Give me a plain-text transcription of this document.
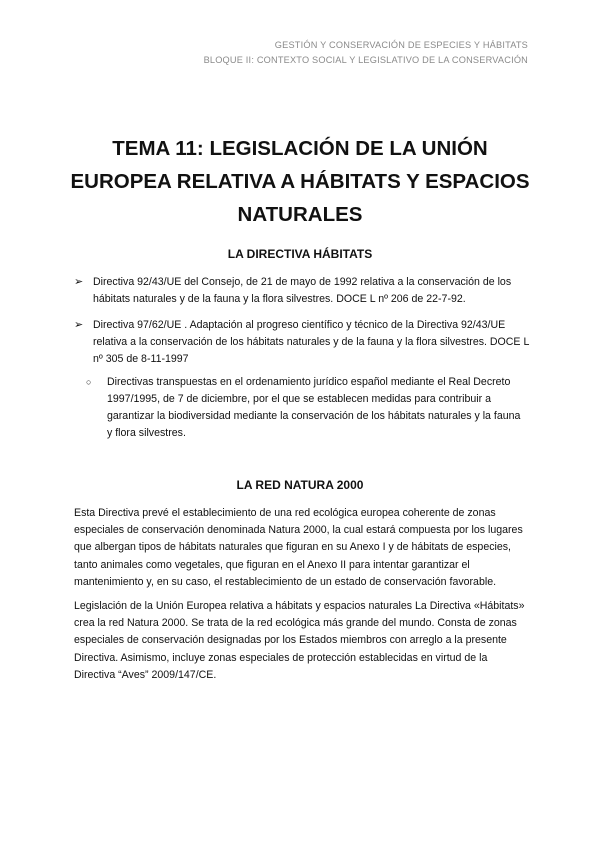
GESTIÓN Y CONSERVACIÓN DE ESPECIES Y HÁBITATS
BLOQUE II: CONTEXTO SOCIAL Y LEGISLATIVO DE LA CONSERVACIÓN
TEMA 11: LEGISLACIÓN DE LA UNIÓN
EUROPEA RELATIVA A HÁBITATS Y ESPACIOS
NATURALES
LA DIRECTIVA HÁBITATS
➢ Directiva 92/43/UE del Consejo, de 21 de mayo de 1992 relativa a la conservación de los
hábitats naturales y de la fauna y la flora silvestres. DOCE L nº 206 de 22-7-92.
➢ Directiva 97/62/UE . Adaptación al progreso científico y técnico de la Directiva 92/43/UE
relativa a la conservación de los hábitats naturales y de la fauna y la flora silvestres. DOCE L
nº 305 de 8-11-1997
○ Directivas transpuestas en el ordenamiento jurídico español mediante el Real Decreto
1997/1995, de 7 de diciembre, por el que se establecen medidas para contribuir a
garantizar la biodiversidad mediante la conservación de los hábitats naturales y la fauna
y flora silvestres.
LA RED NATURA 2000
Esta Directiva prevé el establecimiento de una red ecológica europea coherente de zonas
especiales de conservación denominada Natura 2000, la cual estará compuesta por los lugares
que albergan tipos de hábitats naturales que figuran en su Anexo I y de hábitats de especies,
tanto animales como vegetales, que figuran en el Anexo II para intentar garantizar el
mantenimiento y, en su caso, el restablecimiento de un estado de conservación favorable.
Legislación de la Unión Europea relativa a hábitats y espacios naturales La Directiva «Hábitats»
crea la red Natura 2000. Se trata de la red ecológica más grande del mundo. Consta de zonas
especiales de conservación designadas por los Estados miembros con arreglo a la presente
Directiva. Asimismo, incluye zonas especiales de protección establecidas en virtud de la
Directiva “Aves” 2009/147/CE.
